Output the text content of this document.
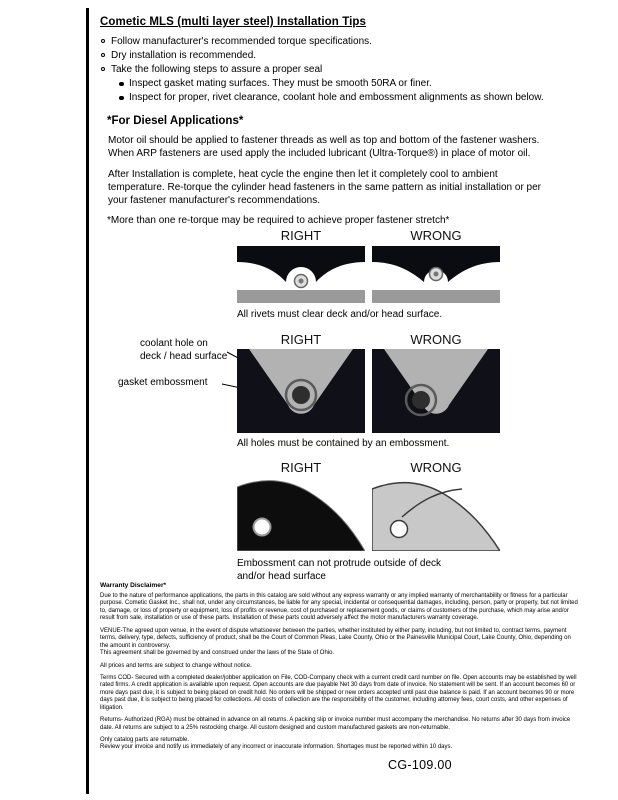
Cometic MLS (multi layer steel) Installation Tips
Follow manufacturer's recommended torque specifications.
Dry installation is recommended.
Take the following steps to assure a proper seal
Inspect gasket mating surfaces. They must be smooth 50RA or finer.
Inspect for proper, rivet clearance, coolant hole and embossment alignments as shown below.
*For Diesel Applications*

Motor oil should be applied to fastener threads as well as top and bottom of the fastener washers. When ARP fasteners are used apply the included lubricant (Ultra-Torque®) in place of motor oil.

After Installation is complete, heat cycle the engine then let it completely cool to ambient temperature. Re-torque the cylinder head fasteners in the same pattern as initial installation or per your fastener manufacturer's recommendations.

*More than one re-torque may be required to achieve proper fastener stretch*

RIGHT	WRONG
All rivets must clear deck and/or head surface.
RIGHT	WRONG
coolant hole on
deck / head surface
gasket embossment
All holes must be contained by an embossment.
RIGHT	WRONG
Embossment can not protrude outside of deck
and/or head surface

Warranty Disclaimer*

Due to the nature of performance applications, the parts in this catalog are sold without any express warranty or any implied warranty of merchantability or fitness for a particular purpose. Cometic Gasket Inc., shall not, under any circumstances, be liable for any special, incidental or consequential damages, including, person, party or property, but not limited to, damage, or loss of property or equipment, loss of profits or revenue, cost of purchased or replacement goods, or claims of customers of the purchase, which may arise and/or result from sale, installation or use of these parts. Installation of these parts could adversely affect the motor manufacturers warranty coverage.

VENUE-The agreed upon venue, in the event of dispute whatsoever between the parties, whether instituted by either party, including, but not limited to, contract terms, payment terms, delivery, type, defects, sufficiency of product, shall be the Court of Common Pleas, Lake County, Ohio or the Painesville Municipal Court, Lake County, Ohio, depending on the amount in controversy.

This agreement shall be governed by and construed under the laws of the State of Ohio.

All prices and terms are subject to change without notice.

Terms COD- Secured with a completed dealer/jobber application on File, COD-Company check with a current credit card number on file. Open accounts may be established by well rated firms. A credit application is available upon request. Open accounts are due payable Net 30 days from date of invoice. No statement will be sent. If an account becomes 60 or more days past due, it is subject to being placed on credit hold. No orders will be shipped or new orders accepted until past due balance is paid. If an account becomes 90 or more days past due, it is subject to being placed for collections. All costs of collection are the responsibility of the customer, including attorney fees, court costs, and other expenses of litigation.

Returns- Authorized (RGA) must be obtained in advance on all returns. A packing slip or invoice number must accompany the merchandise. No returns after 30 days from invoice date. All returns are subject to a 25% restocking charge. All custom designed and custom manufactured gaskets are non-returnable.

Only catalog parts are returnable.

Review your invoice and notify us immediately of any incorrect or inaccurate information. Shortages must be reported within 10 days.

CG-109.00
